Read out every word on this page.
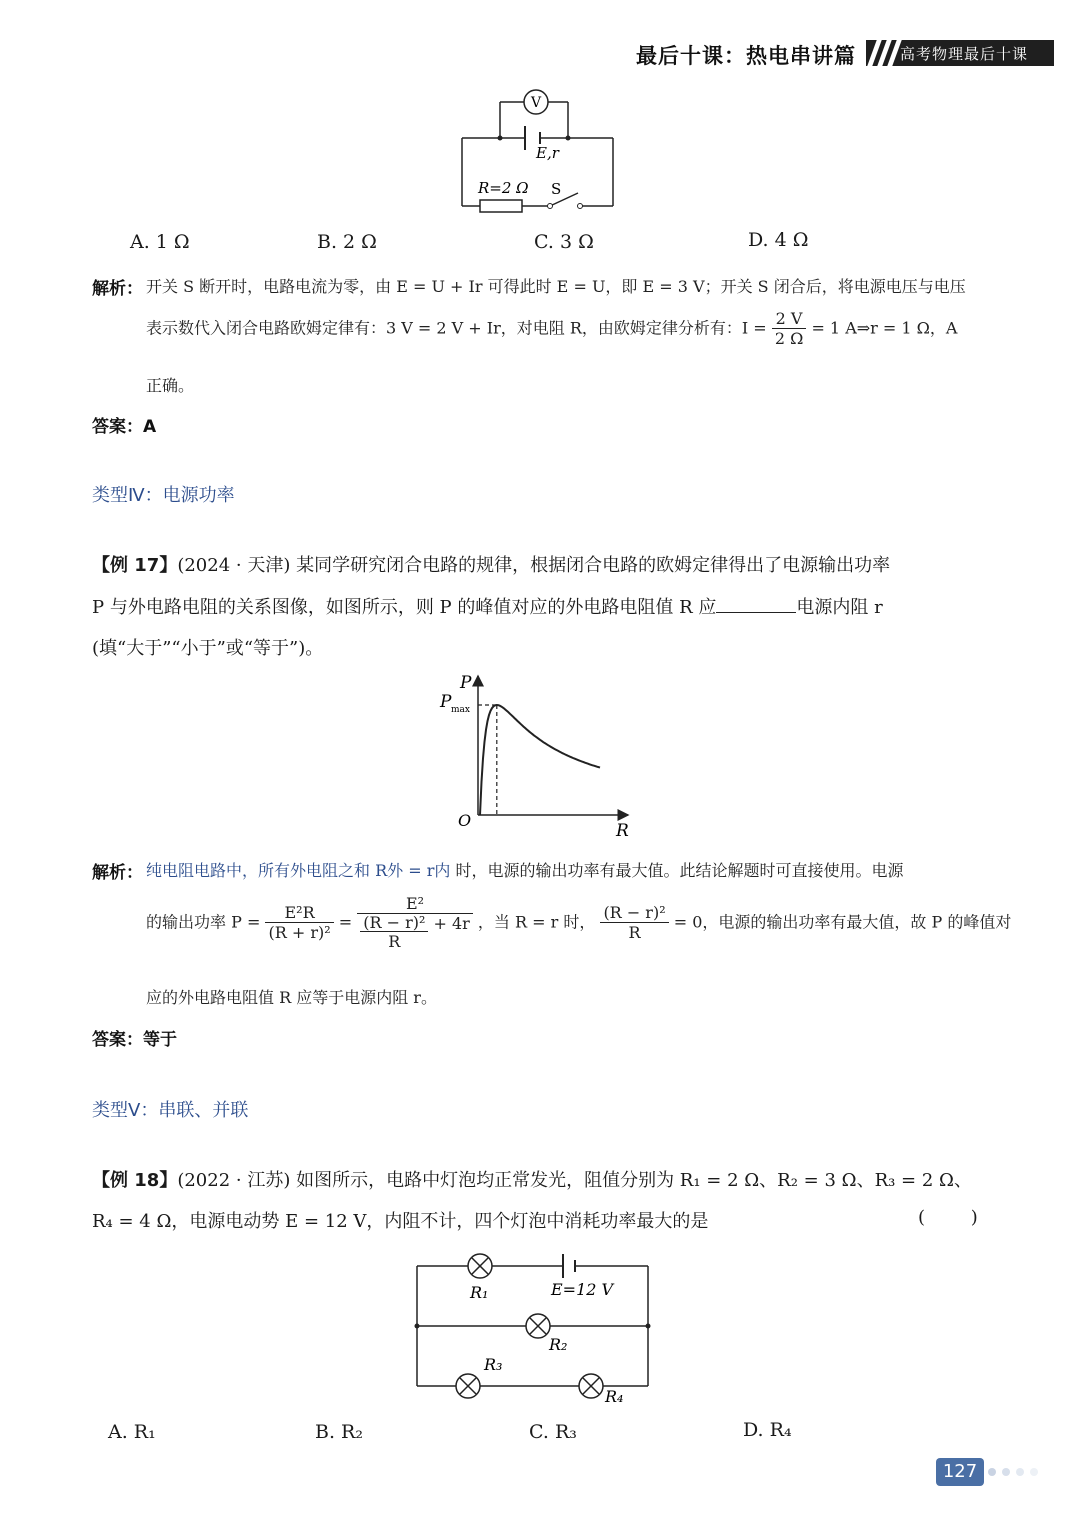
最后十课：热电串讲篇	高考物理最后十课
V
E,r
R=2 Ω S
A. 1 Ω	B. 2 Ω	C. 3 Ω	D. 4 Ω
解析： 开关 S 断开时，电路电流为零，由 E = U + Ir 可得此时 E = U，即 E = 3 V；开关 S 闭合后，将电源电压与电压
表示数代入闭合电路欧姆定律有：3 V = 2 V + Ir，对电阻 R，由欧姆定律分析有：$I = \frac{2 V}{2 \Omega} = 1$ A⇒r = 1 Ω，A
正确。
答案：A
类型Ⅳ：电源功率
【例 17】(2024 · 天津) 某同学研究闭合电路的规律，根据闭合电路的欧姆定律得出了电源输出功率
P 与外电路电阻的关系图像，如图所示，则 P 的峰值对应的外电路电阻值 R 应	电源内阻 r
(填“大于”“小于”或“等于”)。
P
R
O
P max
解析： 纯电阻电路中，所有外电阻之和 R外 = r内 时，电源的输出功率有最大值。此结论解题时可直接使用。电源
的输出功率 $P = \frac{\text{E²R}}{\text{(R + r)²}} = \frac{\text{E²}}{\frac{\text{(R − r)²}}{R} + 4r}$ ，当 R = r 时， $\frac{\text{(R − r)²}}{R} = 0$，电源的输出功率有最大值，故 P 的峰值对
应的外电路电阻值 R 应等于电源内阻 r。
答案：等于
类型Ⅴ：串联、并联
【例 18】(2022 · 江苏) 如图所示，电路中灯泡均正常发光，阻值分别为 R₁ = 2 Ω、R₂ = 3 Ω、R₃ = 2 Ω、
R₄ = 4 Ω，电源电动势 E = 12 V，内阻不计，四个灯泡中消耗功率最大的是	(        )
E=12 V
R₁
R₂
R₃
R₄
A. R₁	B. R₂	C. R₃	D. R₄
127
